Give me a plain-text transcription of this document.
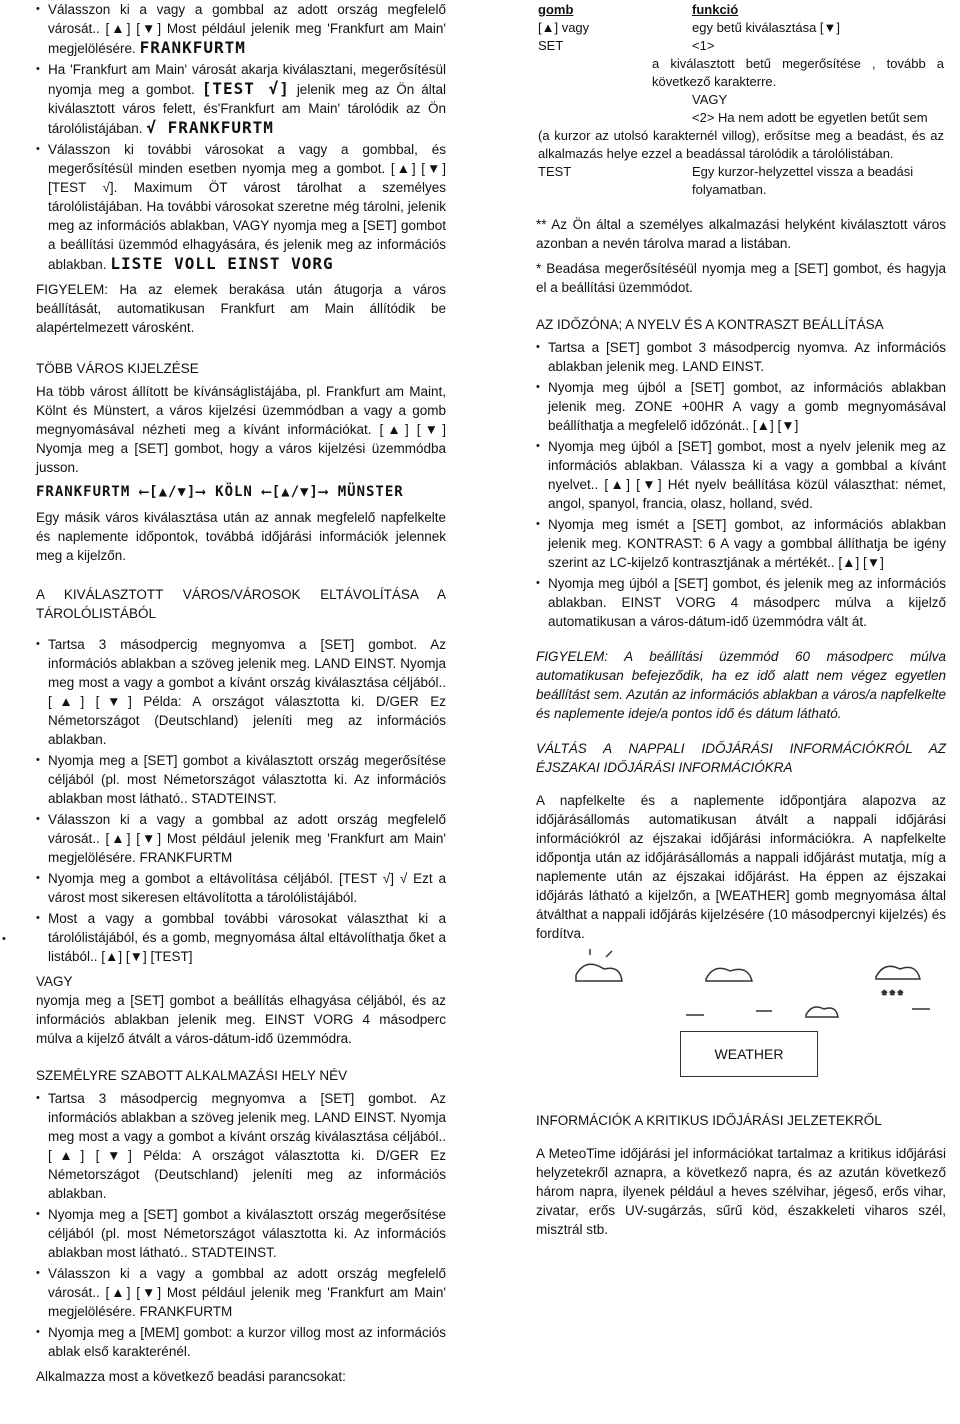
• Válasszon ki a vagy a gombbal az adott ország megfelelő városát.. [▲] [▼] Most például jelenik meg 'Frankfurt am Main' megjelölésére. FRANKFURTM
• Ha 'Frankfurt am Main' városát akarja kiválasztani, megerősítésül nyomja meg a gombot. [TEST √] jelenik meg az Ön által kiválasztott város felett, és'Frankfurt am Main' tárolódik az Ön tárolólistájában. √ FRANKFURTM
• Válasszon ki további városokat a vagy a gombbal, és megerősítésül minden esetben nyomja meg a gombot. [▲] [▼] [TEST √]. Maximum ÖT várost tárolhat a személyes tárolólistájában. Ha további városokat szeretne még tárolni, jelenik meg az információs ablakban, VAGY nyomja meg a [SET] gombot a beállítási üzemmód elhagyására, és jelenik meg az információs ablakban. LISTE VOLL EINST VORG

FIGYELEM: Ha az elemek berakása után átugorja a város beállítását, automatikusan Frankfurt am Main állítódik be alapértelmezett városként.

TÖBB VÁROS KIJELZÉSE

Ha több várost állított be kívánságlistájába, pl. Frankfurt am Maint, Kölnt és Münstert, a város kijelzési üzemmódban a vagy a gomb megnyomásával nézheti meg a kívánt információkat. [▲] [▼] Nyomja meg a [SET] gombot, hogy a város kijelzési üzemmódba jusson.

FRANKFURTM ⟵[▲/▼]⟶ KÖLN ⟵[▲/▼]⟶ MÜNSTER

Egy másik város kiválasztása után az annak megfelelő napfelkelte és naplemente időpontok, továbbá időjárási információk jelennek meg a kijelzőn.

A KIVÁLASZTOTT VÁROS/VÁROSOK ELTÁVOLÍTÁSA A TÁROLÓLISTÁBÓL

• Tartsa 3 másodpercig megnyomva a [SET] gombot. Az információs ablakban a szöveg jelenik meg. LAND EINST. Nyomja meg most a vagy a gombot a kívánt ország kiválasztása céljából.. [▲] [▼] Példa: A országot választotta ki. D/GER Ez Németországot (Deutschland) jeleníti meg az információs ablakban.
• Nyomja meg a [SET] gombot a kiválasztott ország megerősítése céljából (pl. most Németországot választotta ki. Az információs ablakban most látható.. STADTEINST.
• Válasszon ki a vagy a gombbal az adott ország megfelelő városát.. [▲] [▼] Most például jelenik meg 'Frankfurt am Main' megjelölésére. FRANKFURTM
• Nyomja meg a gombot a eltávolítása céljából. [TEST √] √ Ezt a várost most sikeresen eltávolította a tárolólistájából.
• Most a vagy a gombbal további városokat választhat ki a tárolólistájából, és a gomb, megnyomása által eltávolíthatja őket a listából.. [▲] [▼] [TEST]

VAGY

nyomja meg a [SET] gombot a beállítás elhagyása céljából, és az információs ablakban jelenik meg. EINST VORG 4 másodperc múlva a kijelző átvált a város-dátum-idő üzemmódra.

SZEMÉLYRE SZABOTT ALKALMAZÁSI HELY NÉV

• Tartsa 3 másodpercig megnyomva a [SET] gombot. Az információs ablakban a szöveg jelenik meg. LAND EINST. Nyomja meg most a vagy a gombot a kívánt ország kiválasztása céljából.. [▲] [▼] Példa: A országot választotta ki. D/GER Ez Németországot (Deutschland) jeleníti meg az információs ablakban.
• Nyomja meg a [SET] gombot a kiválasztott ország megerősítése céljából (pl. most Németországot választotta ki. Az információs ablakban most látható.. STADTEINST.
• Válasszon ki a vagy a gombbal az adott ország megfelelő városát.. [▲] [▼] Most például jelenik meg 'Frankfurt am Main' megjelölésére. FRANKFURTM
• Nyomja meg a [MEM] gombot: a kurzor villog most az információs ablak első karakterénél.

Alkalmazza most a következő beadási parancsokat:

gomb	funkció
[▲] vagy	egy betű kiválasztása [▼]
SET	<1>
a kiválasztott betű megerősítése , tovább a következő karakterre.	
	VAGY
	<2> Ha nem adott be egyetlen betűt sem
(a kurzor az utolsó karakternél villog), erősítse meg a beadást, és az alkalmazás helye ezzel a beadással tárolódik a tárolólistában.	
TEST	Egy kurzor-helyzettel vissza a beadási folyamatban.

** Az Ön által a személyes alkalmazási helyként kiválasztott város azonban a nevén tárolva marad a listában.

* Beadása megerősítéséül nyomja meg a [SET] gombot, és hagyja el a beállítási üzemmódot.

AZ IDŐZÓNA; A NYELV ÉS A KONTRASZT BEÁLLÍTÁSA

• Tartsa a [SET] gombot 3 másodpercig nyomva. Az információs ablakban jelenik meg. LAND EINST.
• Nyomja meg újból a [SET] gombot, az információs ablakban jelenik meg. ZONE +00HR A vagy a gomb megnyomásával beállíthatja a megfelelő időzónát.. [▲] [▼]
• Nyomja meg újból a [SET] gombot, most a nyelv jelenik meg az információs ablakban. Válassza ki a vagy a gombbal a kívánt nyelvet.. [▲] [▼] Hét nyelv beállítása közül választhat: német, angol, spanyol, francia, olasz, holland, svéd.
• Nyomja meg ismét a [SET] gombot, az információs ablakban jelenik meg. KONTRAST: 6 A vagy a gombbal állíthatja be igény szerint az LC-kijelző kontrasztjának a mértékét.. [▲] [▼]
• Nyomja meg újból a [SET] gombot, és jelenik meg az információs ablakban. EINST VORG 4 másodperc múlva a kijelző automatikusan a város-dátum-idő üzemmódra vált át.

FIGYELEM: A beállítási üzemmód 60 másodperc múlva automatikusan befejeződik, ha ez idő alatt nem végez egyetlen beállítást sem. Azután az információs ablakban a város/a napfelkelte és naplemente ideje/a pontos idő és dátum látható.

VÁLTÁS A NAPPALI IDŐJÁRÁSI INFORMÁCIÓKRÓL AZ ÉJSZAKAI IDŐJÁRÁSI INFORMÁCIÓKRA

A napfelkelte és a naplemente időpontjára alapozva az időjárásállomás automatikusan átvált a nappali időjárási információkról az éjszakai időjárási információkra. A napfelkelte időpontja után az időjárásállomás a nappali időjárást mutatja, míg a naplemente után az éjszakai időjárást. Ha éppen az éjszakai időjárás látható a kijelzőn, a [WEATHER] gomb megnyomása által átválthat a nappali időjárás kijelzésére (10 másodpercnyi kijelzés) és fordítva.

* * *
WEATHER

INFORMÁCIÓK A KRITIKUS IDŐJÁRÁSI JELZETEKRŐL

A MeteoTime időjárási jel információkat tartalmaz a kritikus időjárási helyzetekről aznapra, a következő napra, és az azután következő három napra, ilyenek például a heves szélvihar, jégeső, erős vihar, zivatar, erős UV-sugárzás, sűrű köd, északkeleti viharos szél, misztrál stb.

•
